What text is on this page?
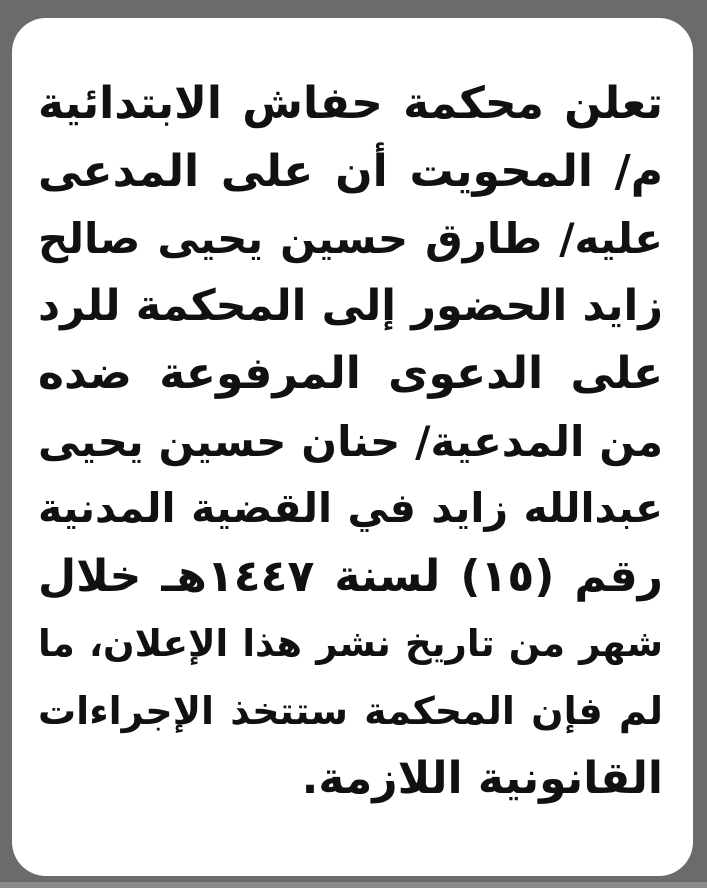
تعلن محكمة حفاش الابتدائية
م/ المحويت أن على المدعى
عليه/ طارق حسين يحيى صالح
زايد الحضور إلى المحكمة للرد
على الدعوى المرفوعة ضده
من المدعية/ حنان حسين يحيى
عبدالله زايد في القضية المدنية
رقم (١٥) لسنة ١٤٤٧هـ خلال
شهر من تاريخ نشر هذا الإعلان، ما
لم فإن المحكمة ستتخذ الإجراءات
القانونية اللازمة.
